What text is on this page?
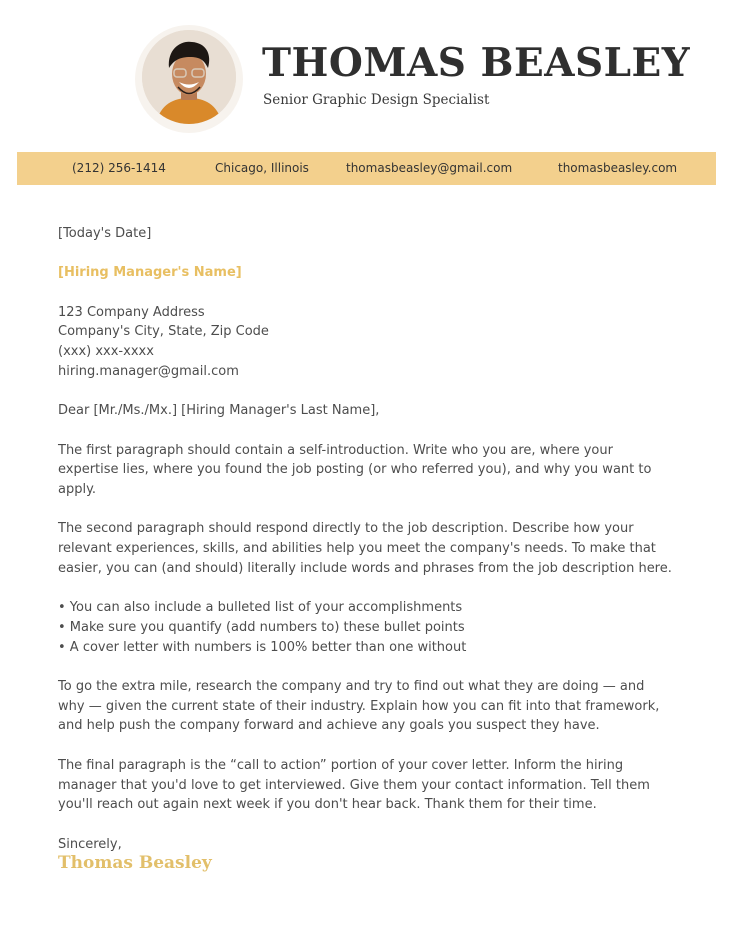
THOMAS BEASLEY
Senior Graphic Design Specialist
(212) 256-1414	Chicago, Illinois	thomasbeasley@gmail.com	thomasbeasley.com

[Today's Date]

[Hiring Manager's Name]

123 Company Address

Company's City, State, Zip Code

(xxx) xxx-xxxx

hiring.manager@gmail.com

Dear [Mr./Ms./Mx.] [Hiring Manager's Last Name],

The first paragraph should contain a self-introduction. Write who you are, where your expertise lies, where you found the job posting (or who referred you), and why you want to apply.

The second paragraph should respond directly to the job description. Describe how your relevant experiences, skills, and abilities help you meet the company's needs. To make that easier, you can (and should) literally include words and phrases from the job description here.

• You can also include a bulleted list of your accomplishments

• Make sure you quantify (add numbers to) these bullet points

• A cover letter with numbers is 100% better than one without

To go the extra mile, research the company and try to find out what they are doing — and why — given the current state of their industry. Explain how you can fit into that framework, and help push the company forward and achieve any goals you suspect they have.

The final paragraph is the “call to action” portion of your cover letter. Inform the hiring manager that you'd love to get interviewed. Give them your contact information. Tell them you'll reach out again next week if you don't hear back. Thank them for their time.

Sincerely,

Thomas Beasley
